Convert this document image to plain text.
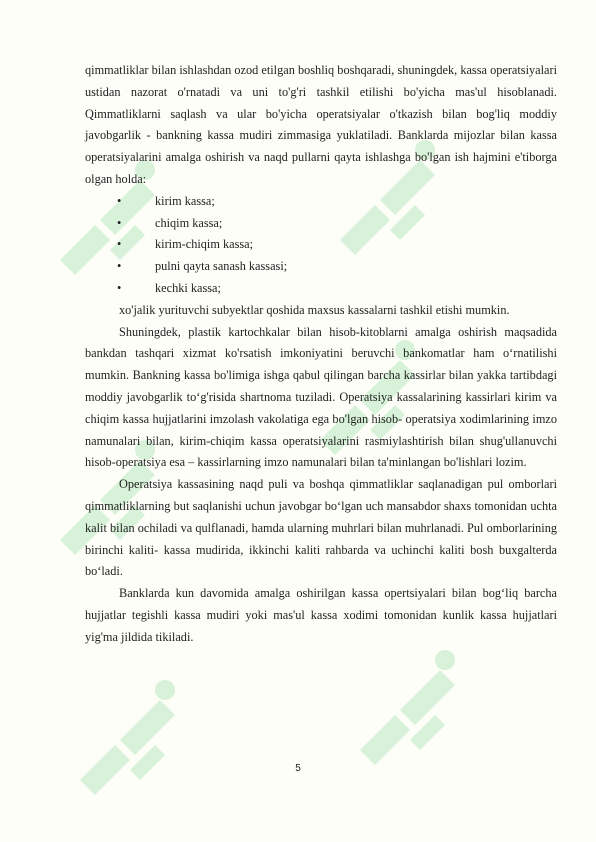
qimmatliklar bilan ishlashdan ozod etilgan boshliq boshqaradi, shuningdek, kassa operatsiyalari ustidan nazorat o'rnatadi va uni to'g'ri tashkil etilishi bo'yicha mas'ul hisoblanadi. Qimmatliklarni saqlash va ular bo'yicha operatsiyalar o'tkazish bilan bog'liq moddiy javobgarlik - bankning kassa mudiri zimmasiga yuklatiladi. Banklarda mijozlar bilan kassa operatsiyalarini amalga oshirish va naqd pullarni qayta ishlashga bo'lgan ish hajmini e'tiborga olgan holda:

•	kirim kassa;
•	chiqim kassa;
•	kirim-chiqim kassa;
•	pulni qayta sanash kassasi;
•	kechki kassa;

xo'jalik yurituvchi subyektlar qoshida maxsus kassalarni tashkil etishi mumkin.

Shuningdek, plastik kartochkalar bilan hisob-kitoblarni amalga oshirish maqsadida bankdan tashqari xizmat ko'rsatish imkoniyatini beruvchi bankomatlar ham o‘rnatilishi mumkin. Bankning kassa bo'limiga ishga qabul qilingan barcha kassirlar bilan yakka tartibdagi moddiy javobgarlik to‘g'risida shartnoma tuziladi. Operatsiya kassalarining kassirlari kirim va chiqim kassa hujjatlarini imzolash vakolatiga ega bo'lgan hisob- operatsiya xodimlarining imzo namunalari bilan, kirim-chiqim kassa operatsiyalarini rasmiylashtirish bilan shug'ullanuvchi hisob-operatsiya esa – kassirlarning imzo namunalari bilan ta'minlangan bo'lishlari lozim.

Operatsiya kassasining naqd puli va boshqa qimmatliklar saqlanadigan pul omborlari qimmatliklarning but saqlanishi uchun javobgar bo‘lgan uch mansabdor shaxs tomonidan uchta kalit bilan ochiladi va qulflanadi, hamda ularning muhrlari bilan muhrlanadi. Pul omborlarining birinchi kaliti- kassa mudirida, ikkinchi kaliti rahbarda va uchinchi kaliti bosh buxgalterda bo‘ladi.

Banklarda kun davomida amalga oshirilgan kassa opertsiyalari bilan bog‘liq barcha hujjatlar tegishli kassa mudiri yoki mas'ul kassa xodimi tomonidan kunlik kassa hujjatlari yig'ma jildida tikiladi.

5
